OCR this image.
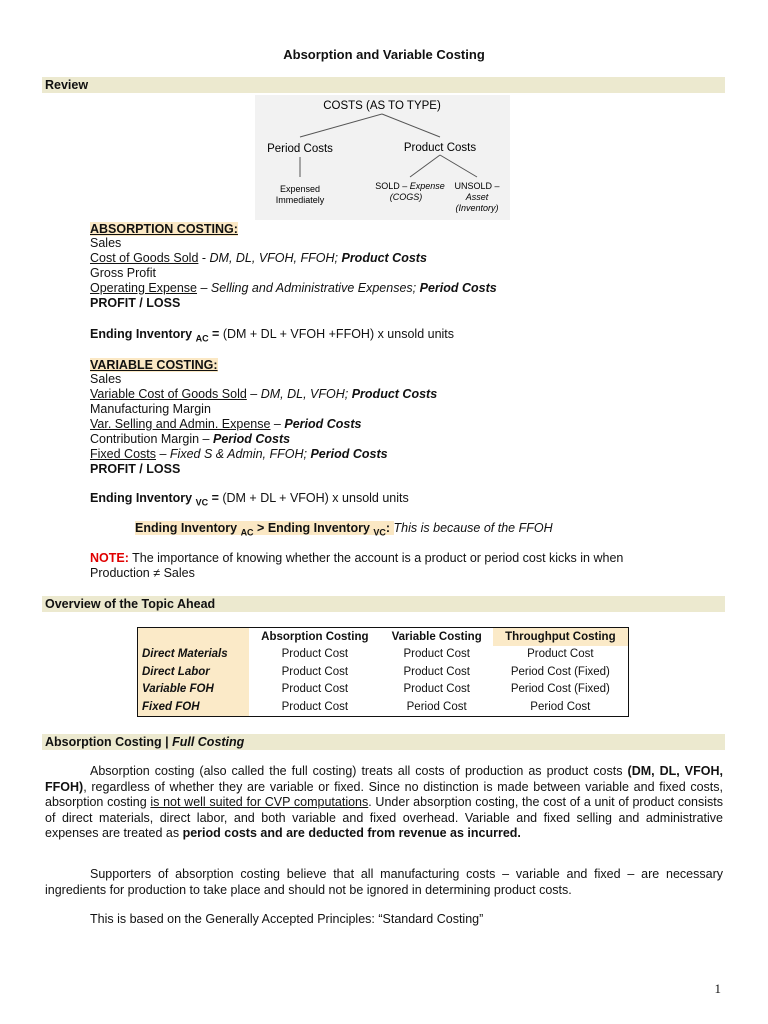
Absorption and Variable Costing
Review
COSTS (AS TO TYPE)
Period Costs	Product Costs
Expensed Immediately
SOLD – Expense
(COGS)
UNSOLD –
Asset
(Inventory)
ABSORPTION COSTING:
Sales
Cost of Goods Sold - DM, DL, VFOH, FFOH; Product Costs
Gross Profit
Operating Expense – Selling and Administrative Expenses; Period Costs
PROFIT / LOSS
Ending Inventory $_{AC}$ = (DM + DL + VFOH +FFOH) x unsold units
VARIABLE COSTING:
Sales
Variable Cost of Goods Sold – DM, DL, VFOH; Product Costs
Manufacturing Margin
Var. Selling and Admin. Expense – Period Costs
Contribution Margin – Period Costs
Fixed Costs – Fixed S & Admin, FFOH; Period Costs
PROFIT / LOSS
Ending Inventory $_{VC}$ = (DM + DL + VFOH) x unsold units
Ending Inventory $_{AC}$ > Ending Inventory $_{VC}$: This is because of the FFOH
NOTE: The importance of knowing whether the account is a product or period cost kicks in when
Production ≠ Sales
Overview of the Topic Ahead
	Absorption Costing	Variable Costing	Throughput Costing
Direct Materials	Product Cost	Product Cost	Product Cost
Direct Labor	Product Cost	Product Cost	Period Cost (Fixed)
Variable FOH	Product Cost	Product Cost	Period Cost (Fixed)
Fixed FOH	Product Cost	Period Cost	Period Cost
Absorption Costing | Full Costing
Absorption costing (also called the full costing) treats all costs of production as product costs (DM, DL, VFOH, FFOH), regardless of whether they are variable or fixed. Since no distinction is made between variable and fixed costs, absorption costing is not well suited for CVP computations. Under absorption costing, the cost of a unit of product consists of direct materials, direct labor, and both variable and fixed overhead. Variable and fixed selling and administrative expenses are treated as period costs and are deducted from revenue as incurred.
Supporters of absorption costing believe that all manufacturing costs – variable and fixed – are necessary ingredients for production to take place and should not be ignored in determining product costs.
This is based on the Generally Accepted Principles: “Standard Costing”
1
